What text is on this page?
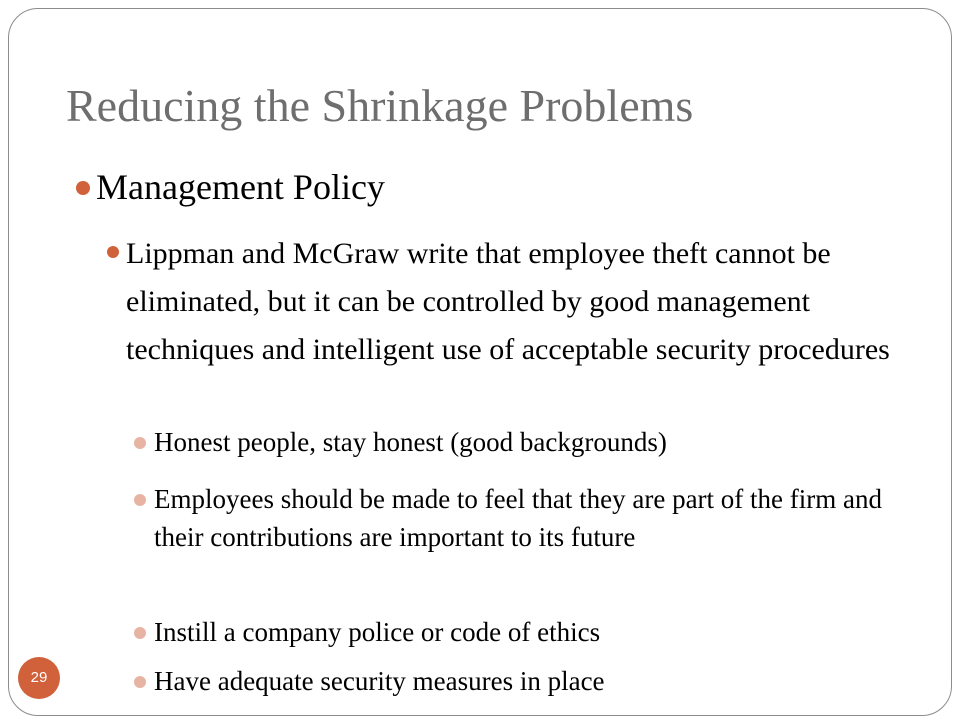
Reducing the Shrinkage Problems
Management Policy
Lippman and McGraw write that employee theft cannot be eliminated, but it can be controlled by good management techniques and intelligent use of acceptable security procedures
Honest people, stay honest (good backgrounds)
Employees should be made to feel that they are part of the firm and their contributions are important to its future
Instill a company police or code of ethics
Have adequate security measures in place
29
